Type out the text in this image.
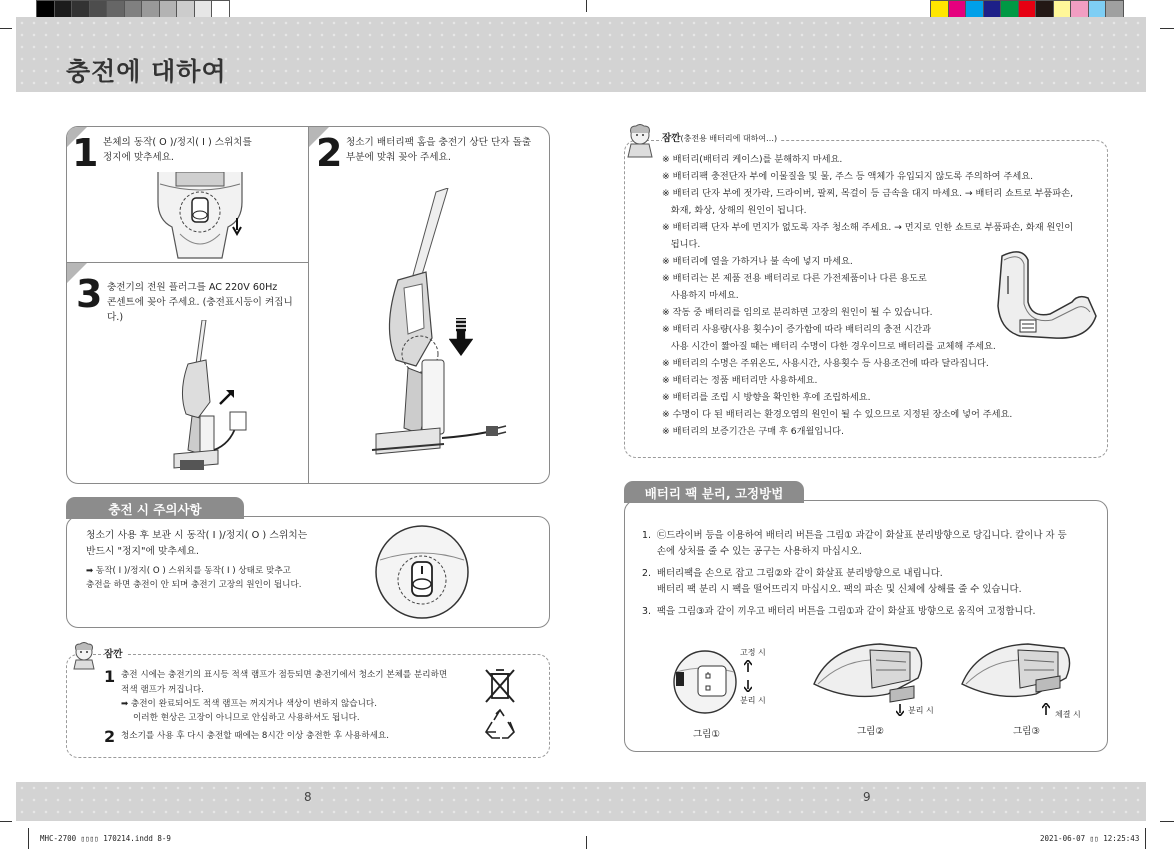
충전에 대하여
8	9
MHC-2700 ▯▯▯▯ 170214.indd 8-9	2021-06-07 ▯▯ 12:25:43
1 본체의 동작( O )/정지( I ) 스위치를
정지에 맞추세요.	2 청소기 배터리팩 홈을 충전기 상단 단자 돌출
부분에 맞춰 꽂아 주세요.
3 충전기의 전원 플러그를 AC 220V 60Hz
콘센트에 꽂아 주세요. (충전표시등이 켜집니
다.)
충전 시 주의사항
청소기 사용 후 보관 시 동작( I )/정지( O ) 스위치는
반드시 "정지"에 맞추세요.
➡ 동작( I )/정지( O ) 스위치를 동작( I ) 상태로 맞추고
충전을 하면 충전이 안 되며 충전기 고장의 원인이 됩니다.
잠깐
1 충전 시에는 충전기의 표시등 적색 램프가 점등되면 충전기에서 청소기 본체를 분리하면
적색 램프가 꺼집니다.
➡ 충전이 완료되어도 적색 램프는 꺼지거나 색상이 변하지 않습니다.
이러한 현상은 고장이 아니므로 안심하고 사용하셔도 됩니다.
2 청소기를 사용 후 다시 충전할 때에는 8시간 이상 충전한 후 사용하세요.
잠깐(충전용 배터리에 대하여…)
※ 배터리(배터리 케이스)를 분해하지 마세요.
※ 배터리팩 충전단자 부에 이물질을 및 물, 주스 등 액체가 유입되지 않도록 주의하여 주세요.
※ 배터리 단자 부에 젓가락, 드라이버, 팔찌, 목걸이 등 금속을 대지 마세요. → 배터리 쇼트로 부품파손,
화재, 화상, 상해의 원인이 됩니다.
※ 배터리팩 단자 부에 먼지가 없도록 자주 청소해 주세요. → 먼지로 인한 쇼트로 부품파손, 화재 원인이
됩니다.
※ 배터리에 열을 가하거나 불 속에 넣지 마세요.
※ 배터리는 본 제품 전용 배터리로 다른 가전제품이나 다른 용도로
사용하지 마세요.
※ 작동 중 배터리를 임의로 분리하면 고장의 원인이 될 수 있습니다.
※ 배터리 사용량(사용 횟수)이 증가함에 따라 배터리의 충전 시간과
사용 시간이 짧아질 때는 배터리 수명이 다한 경우이므로 배터리를 교체해 주세요.
※ 배터리의 수명은 주위온도, 사용시간, 사용횟수 등 사용조건에 따라 달라집니다.
※ 배터리는 정품 배터리만 사용하세요.
※ 배터리를 조립 시 방향을 확인한 후에 조립하세요.
※ 수명이 다 된 배터리는 환경오염의 원인이 될 수 있으므로 지정된 장소에 넣어 주세요.
※ 배터리의 보증기간은 구매 후 6개월입니다.
배터리 팩 분리, 고정방법
1.  ㉢드라이버 등을 이용하여 배터리 버튼을 그림① 과같이 화살표 분리방향으로 당깁니다. 칼이나 자 등
손에 상처를 줄 수 있는 공구는 사용하지 마십시오.
2.  배터리팩을 손으로 잡고 그림②와 같이 화살표 분리방향으로 내립니다.
배터리 팩 분리 시 팩을 떨어뜨리지 마십시오. 팩의 파손 및 신체에 상해를 줄 수 있습니다.
3.  팩을 그림③과 같이 끼우고 배터리 버튼을 그림①과 같이 화살표 방향으로 움직여 고정합니다.
고정 시
분리 시
그림①
분리 시
그림②
체결 시
그림③
